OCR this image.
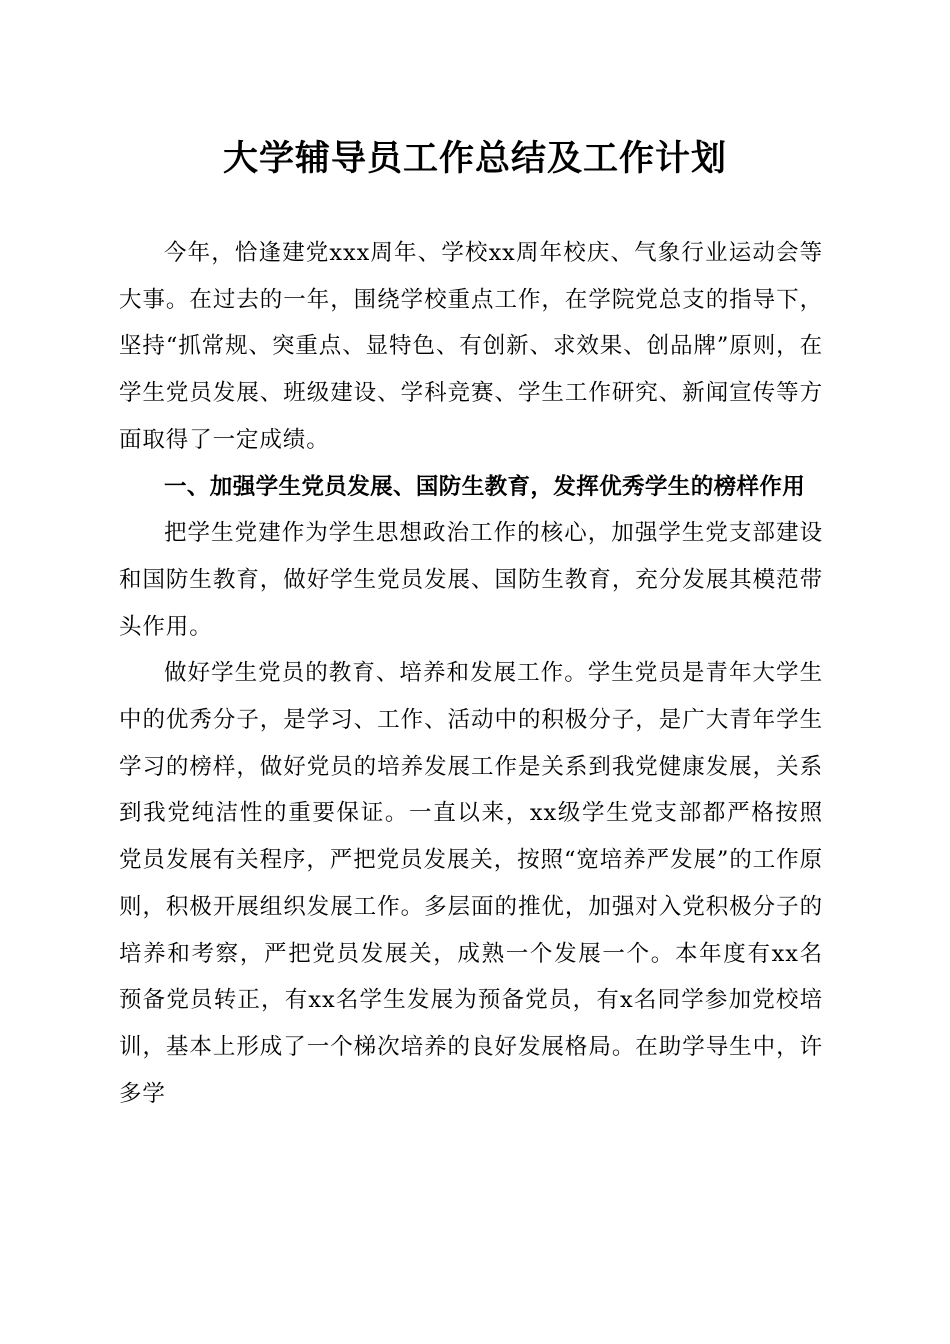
大学辅导员工作总结及工作计划

今年，恰逢建党xxx周年、学校xx周年校庆、气象行业运动会等大事。在过去的一年，围绕学校重点工作，在学院党总支的指导下，坚持“抓常规、突重点、显特色、有创新、求效果、创品牌”原则，在学生党员发展、班级建设、学科竞赛、学生工作研究、新闻宣传等方面取得了一定成绩。

一、加强学生党员发展、国防生教育，发挥优秀学生的榜样作用

把学生党建作为学生思想政治工作的核心，加强学生党支部建设和国防生教育，做好学生党员发展、国防生教育，充分发展其模范带头作用。

做好学生党员的教育、培养和发展工作。学生党员是青年大学生中的优秀分子，是学习、工作、活动中的积极分子，是广大青年学生学习的榜样，做好党员的培养发展工作是关系到我党健康发展，关系到我党纯洁性的重要保证。一直以来，xx级学生党支部都严格按照党员发展有关程序，严把党员发展关，按照“宽培养严发展”的工作原则，积极开展组织发展工作。多层面的推优，加强对入党积极分子的培养和考察，严把党员发展关，成熟一个发展一个。本年度有xx名预备党员转正，有xx名学生发展为预备党员，有x名同学参加党校培训，基本上形成了一个梯次培养的良好发展格局。在助学导生中，许多学
